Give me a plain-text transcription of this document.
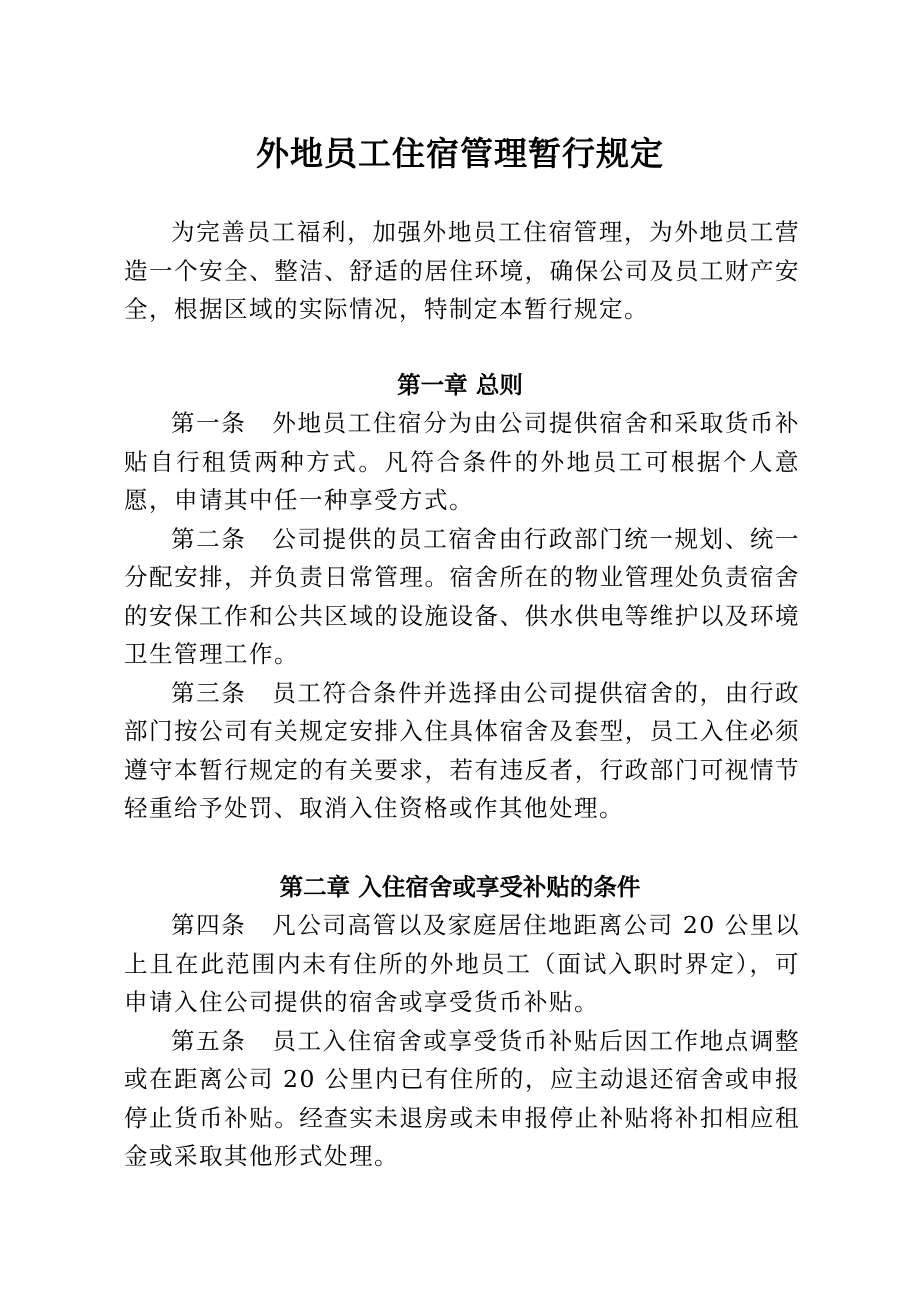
外地员工住宿管理暂行规定

为完善员工福利，加强外地员工住宿管理，为外地员工营造一个安全、整洁、舒适的居住环境，确保公司及员工财产安全，根据区域的实际情况，特制定本暂行规定。

第一章 总则

第一条 外地员工住宿分为由公司提供宿舍和采取货币补贴自行租赁两种方式。凡符合条件的外地员工可根据个人意愿，申请其中任一种享受方式。

第二条 公司提供的员工宿舍由行政部门统一规划、统一分配安排，并负责日常管理。宿舍所在的物业管理处负责宿舍的安保工作和公共区域的设施设备、供水供电等维护以及环境卫生管理工作。

第三条 员工符合条件并选择由公司提供宿舍的，由行政部门按公司有关规定安排入住具体宿舍及套型，员工入住必须遵守本暂行规定的有关要求，若有违反者，行政部门可视情节轻重给予处罚、取消入住资格或作其他处理。

第二章 入住宿舍或享受补贴的条件

第四条 凡公司高管以及家庭居住地距离公司 20 公里以上且在此范围内未有住所的外地员工（面试入职时界定），可申请入住公司提供的宿舍或享受货币补贴。

第五条 员工入住宿舍或享受货币补贴后因工作地点调整或在距离公司 20 公里内已有住所的，应主动退还宿舍或申报停止货币补贴。经查实未退房或未申报停止补贴将补扣相应租金或采取其他形式处理。
